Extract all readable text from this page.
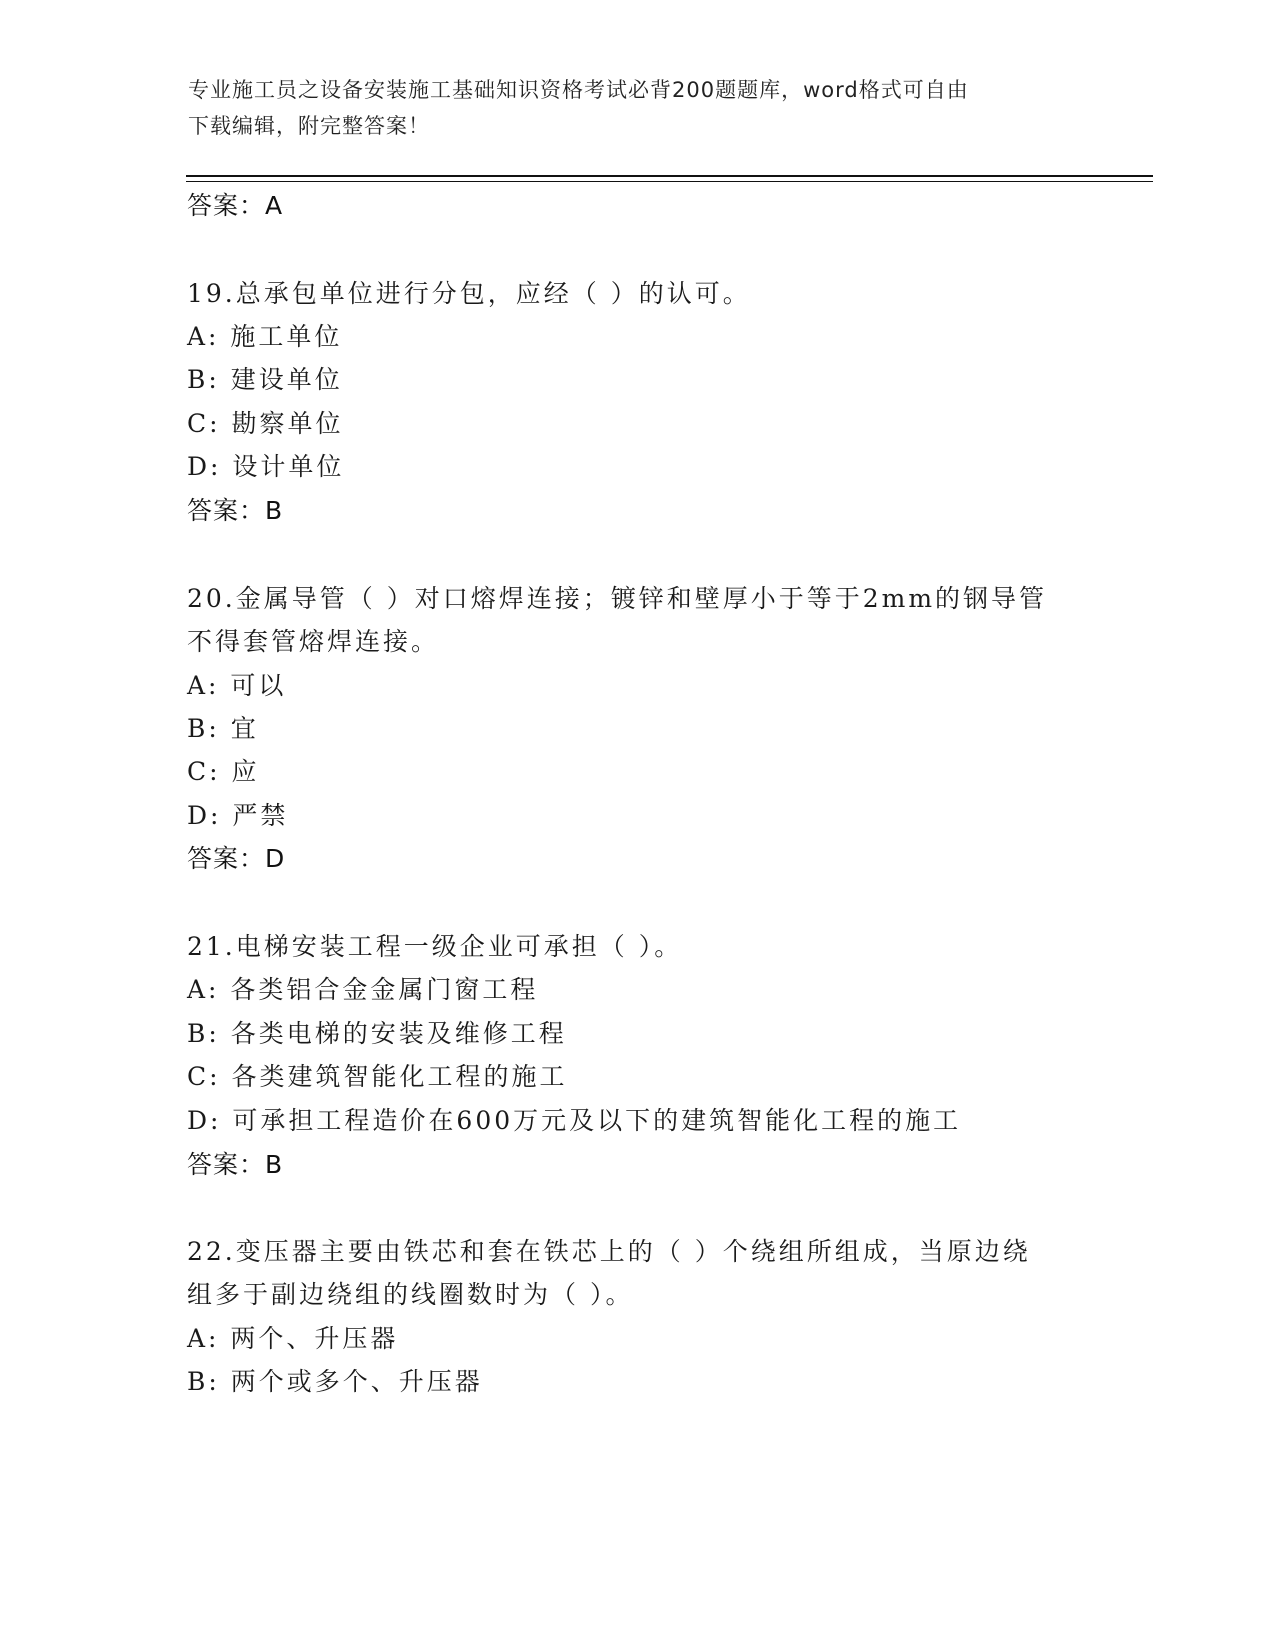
专业施工员之设备安装施工基础知识资格考试必背200题题库，word格式可自由
下载编辑，附完整答案！
答案：A
19.总承包单位进行分包，应经（ ）的认可。
A: 施工单位
B: 建设单位
C: 勘察单位
D: 设计单位
答案：B
20.金属导管（ ）对口熔焊连接；镀锌和壁厚小于等于2mm的钢导管
不得套管熔焊连接。
A: 可以
B: 宜
C: 应
D: 严禁
答案：D
21.电梯安装工程一级企业可承担（ ）。
A: 各类铝合金金属门窗工程
B: 各类电梯的安装及维修工程
C: 各类建筑智能化工程的施工
D: 可承担工程造价在600万元及以下的建筑智能化工程的施工
答案：B
22.变压器主要由铁芯和套在铁芯上的（ ）个绕组所组成，当原边绕
组多于副边绕组的线圈数时为（ ）。
A: 两个、升压器
B: 两个或多个、升压器
